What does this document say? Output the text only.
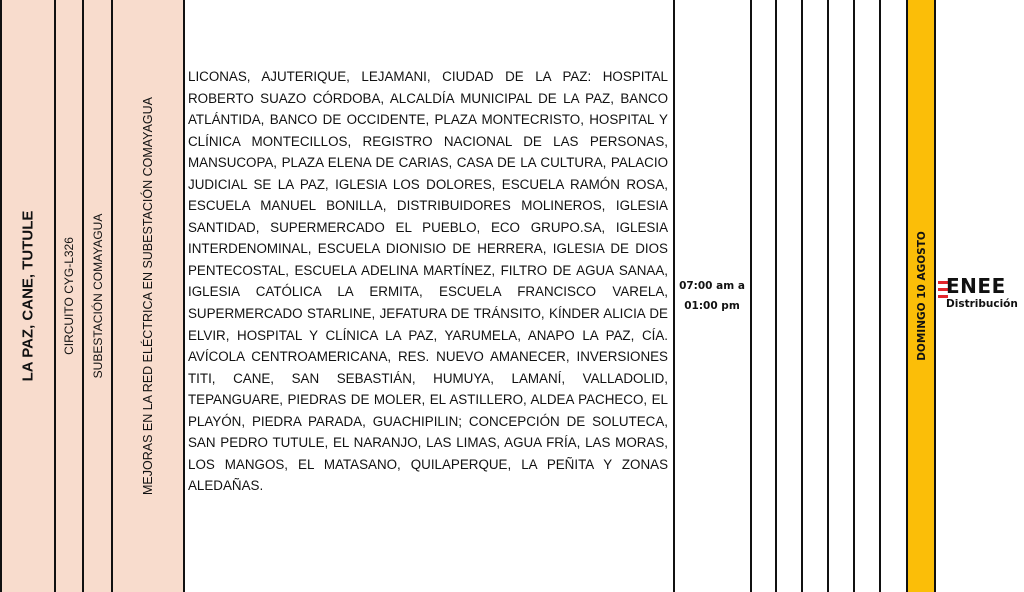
LA PAZ, CANE, TUTULE CIRCUITO CYG-L326 SUBESTACIÓN COMAYAGUA	MEJORAS EN LA RED ELÉCTRICA EN SUBESTACIÓN COMAYAGUA
LICONAS, AJUTERIQUE, LEJAMANI, CIUDAD DE LA PAZ: HOSPITAL ROBERTO SUAZO CÓRDOBA, ALCALDÍA MUNICIPAL DE LA PAZ, BANCO ATLÁNTIDA, BANCO DE OCCIDENTE, PLAZA MONTECRISTO, HOSPITAL Y CLÍNICA MONTECILLOS, REGISTRO NACIONAL DE LAS PERSONAS, MANSUCOPA, PLAZA ELENA DE CARIAS, CASA DE LA CULTURA, PALACIO JUDICIAL SE LA PAZ, IGLESIA LOS DOLORES, ESCUELA RAMÓN ROSA, ESCUELA MANUEL BONILLA, DISTRIBUIDORES MOLINEROS, IGLESIA SANTIDAD, SUPERMERCADO EL PUEBLO, ECO GRUPO.SA, IGLESIA INTERDENOMINAL, ESCUELA DIONISIO DE HERRERA, IGLESIA DE DIOS PENTECOSTAL, ESCUELA ADELINA MARTÍNEZ, FILTRO DE AGUA SANAA, IGLESIA CATÓLICA LA ERMITA, ESCUELA FRANCISCO VARELA, SUPERMERCADO STARLINE, JEFATURA DE TRÁNSITO, KÍNDER ALICIA DE ELVIR, HOSPITAL Y CLÍNICA LA PAZ, YARUMELA, ANAPO LA PAZ, CÍA. AVÍCOLA CENTROAMERICANA, RES. NUEVO AMANECER, INVERSIONES TITI, CANE, SAN SEBASTIÁN, HUMUYA, LAMANÍ, VALLADOLID, TEPANGUARE, PIEDRAS DE MOLER, EL ASTILLERO, ALDEA PACHECO, EL PLAYÓN, PIEDRA PARADA, GUACHIPILIN; CONCEPCIÓN DE SOLUTECA, SAN PEDRO TUTULE, EL NARANJO, LAS LIMAS, AGUA FRÍA, LAS MORAS, LOS MANGOS, EL MATASANO, QUILAPERQUE, LA PEÑITA Y ZONAS ALEDAÑAS.
07:00 am a
01:00 pm	DOMINGO 10 AGOSTO ENEE
Distribución
